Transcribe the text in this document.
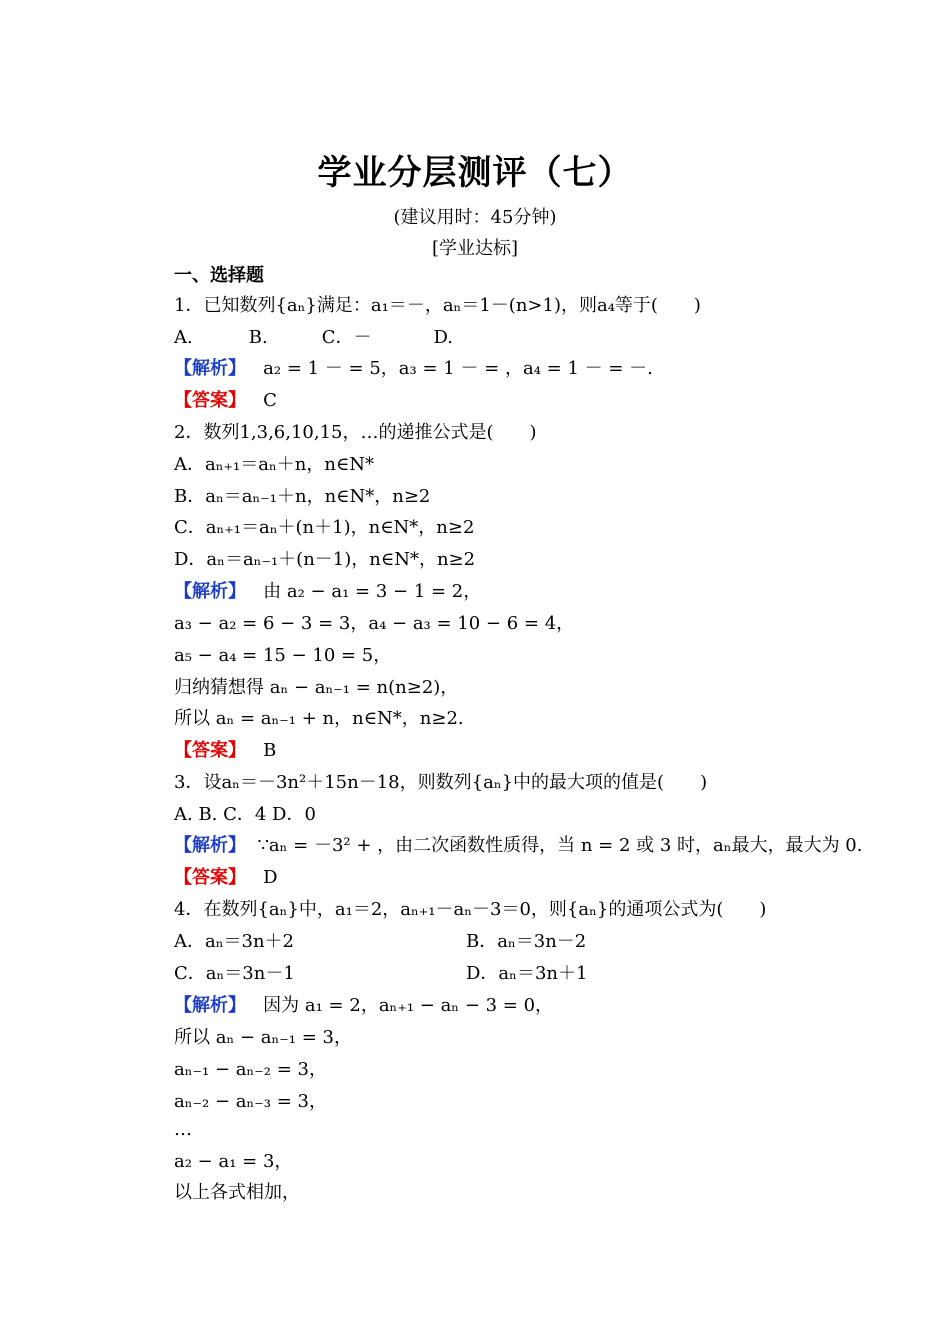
学业分层测评（七）
(建议用时：45分钟)
[学业达标]
一、选择题
1．已知数列{aₙ}满足：a₁＝－，aₙ＝1－(n>1)，则a₄等于(　　)
A.	B.	C．－	D.
【解析】 a₂ = 1 － = 5，a₃ = 1 － = ，a₄ = 1 － = －.
【答案】 C
2．数列1,3,6,10,15，…的递推公式是(　　)
A．aₙ₊₁＝aₙ＋n，n∈N*
B．aₙ＝aₙ₋₁＋n，n∈N*，n≥2
C．aₙ₊₁＝aₙ＋(n＋1)，n∈N*，n≥2
D．aₙ＝aₙ₋₁＋(n－1)，n∈N*，n≥2
【解析】 由 a₂ − a₁ = 3 − 1 = 2，
a₃ − a₂ = 6 − 3 = 3，a₄ − a₃ = 10 − 6 = 4，
a₅ − a₄ = 15 − 10 = 5，
归纳猜想得 aₙ − aₙ₋₁ = n(n≥2)，
所以 aₙ = aₙ₋₁ + n，n∈N*，n≥2.
【答案】 B
3．设aₙ＝－3n²＋15n－18，则数列{aₙ}中的最大项的值是(　　)
A. B. C．4 D．0
【解析】 ∵aₙ = －3² + ，由二次函数性质得，当 n = 2 或 3 时，aₙ最大，最大为 0.
【答案】 D
4．在数列{aₙ}中，a₁＝2，aₙ₊₁－aₙ－3＝0，则{aₙ}的通项公式为(　　)
A．aₙ＝3n＋2	B．aₙ＝3n－2
C．aₙ＝3n－1	D．aₙ＝3n＋1
【解析】 因为 a₁ = 2，aₙ₊₁ − aₙ − 3 = 0，
所以 aₙ − aₙ₋₁ = 3，
aₙ₋₁ − aₙ₋₂ = 3，
aₙ₋₂ − aₙ₋₃ = 3，
…
a₂ − a₁ = 3，
以上各式相加，
